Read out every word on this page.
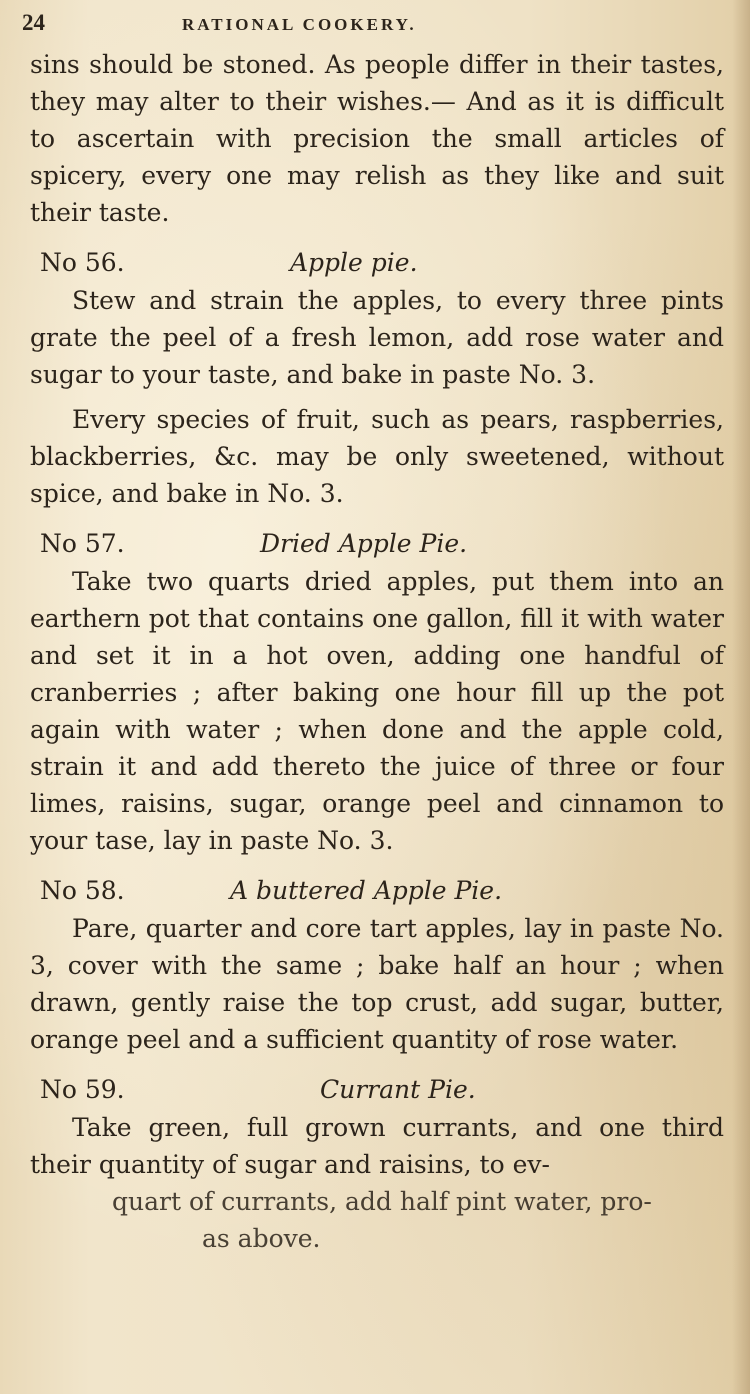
24	RATIONAL COOKERY.

sins should be stoned. As people differ in their tastes, they may alter to their wishes.— And as it is difficult to ascertain with precision the small articles of spicery, every one may relish as they like and suit their taste.

No 56.	Apple pie.

Stew and strain the apples, to every three pints grate the peel of a fresh lemon, add rose water and sugar to your taste, and bake in paste No. 3.

Every species of fruit, such as pears, raspberries, blackberries, &c. may be only sweetened, without spice, and bake in No. 3.

No 57.	Dried Apple Pie.

Take two quarts dried apples, put them into an earthern pot that contains one gallon, fill it with water and set it in a hot oven, adding one handful of cranberries ; after baking one hour fill up the pot again with water ; when done and the apple cold, strain it and add thereto the juice of three or four limes, raisins, sugar, orange peel and cinnamon to your tase, lay in paste No. 3.

No 58.	A buttered Apple Pie.

Pare, quarter and core tart apples, lay in paste No. 3, cover with the same ; bake half an hour ; when drawn, gently raise the top crust, add sugar, butter, orange peel and a sufficient quantity of rose water.

No 59.	Currant Pie.

Take green, full grown currants, and one third their quantity of sugar and raisins, to ev-

quart of currants, add half pint water, pro-

as above.
